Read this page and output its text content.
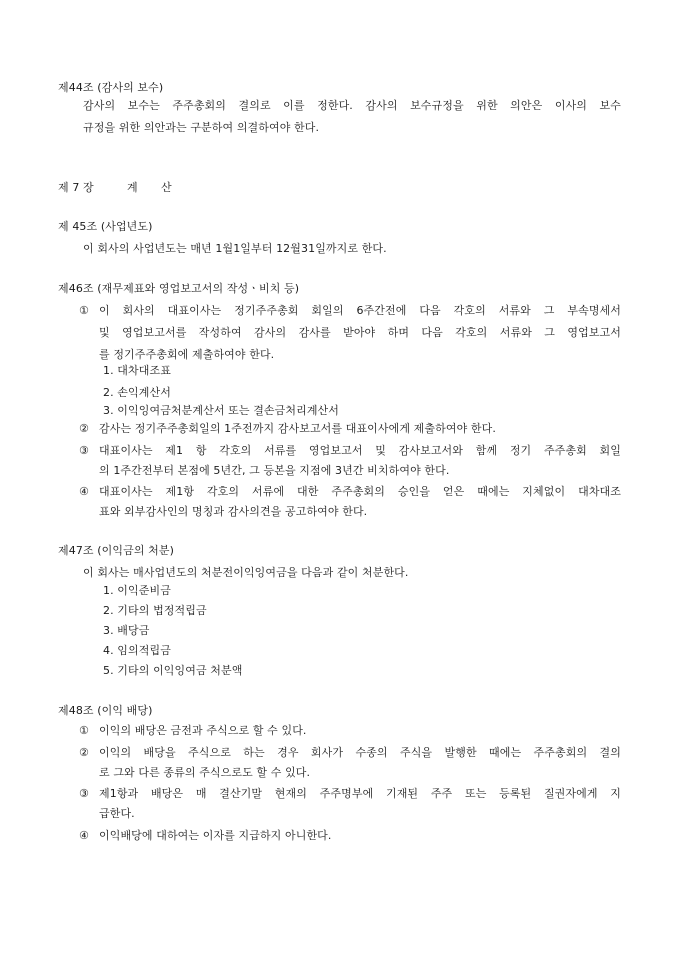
제44조 (감사의 보수)
감사의 보수는 주주총회의 결의로 이를 정한다. 감사의 보수규정을 위한 의안은 이사의 보수
규정을 위한 의안과는 구분하여 의결하여야 한다.
제 7 장	계 산
제 45조 (사업년도)
이 회사의 사업년도는 매년 1월1일부터 12월31일까지로 한다.
제46조 (재무제표와 영업보고서의 작성ㆍ비치 등)
① 이 회사의 대표이사는 정기주주총회 회일의 6주간전에 다음 각호의 서류와 그 부속명세서
및 영업보고서를 작성하여 감사의 감사를 받아야 하며 다음 각호의 서류와 그 영업보고서
를 정기주주총회에 제출하여야 한다.
1. 대차대조표
2. 손익계산서
3. 이익잉여금처분계산서 또는 결손금처리계산서
② 감사는 정기주주총회일의 1주전까지 감사보고서를 대표이사에게 제출하여야 한다.
③ 대표이사는 제1 항 각호의 서류를 영업보고서 및 감사보고서와 함께 정기 주주총회 회일
의 1주간전부터 본점에 5년간, 그 등본을 지점에 3년간 비치하여야 한다.
④ 대표이사는 제1항 각호의 서류에 대한 주주총회의 승인을 얻은 때에는 지체없이 대차대조
표와 외부감사인의 명칭과 감사의견을 공고하여야 한다.
제47조 (이익금의 처분)
이 회사는 매사업년도의 처분전이익잉여금을 다음과 같이 처분한다.
1. 이익준비금
2. 기타의 법정적립금
3. 배당금
4. 임의적립금
5. 기타의 이익잉여금 처분액
제48조 (이익 배당)
① 이익의 배당은 금전과 주식으로 할 수 있다.
② 이익의 배당을 주식으로 하는 경우 회사가 수종의 주식을 발행한 때에는 주주총회의 결의
로 그와 다른 종류의 주식으로도 할 수 있다.
③ 제1항과 배당은 매 결산기말 현재의 주주명부에 기재된 주주 또는 등록된 질권자에게 지
급한다.
④ 이익배당에 대하여는 이자를 지급하지 아니한다.
